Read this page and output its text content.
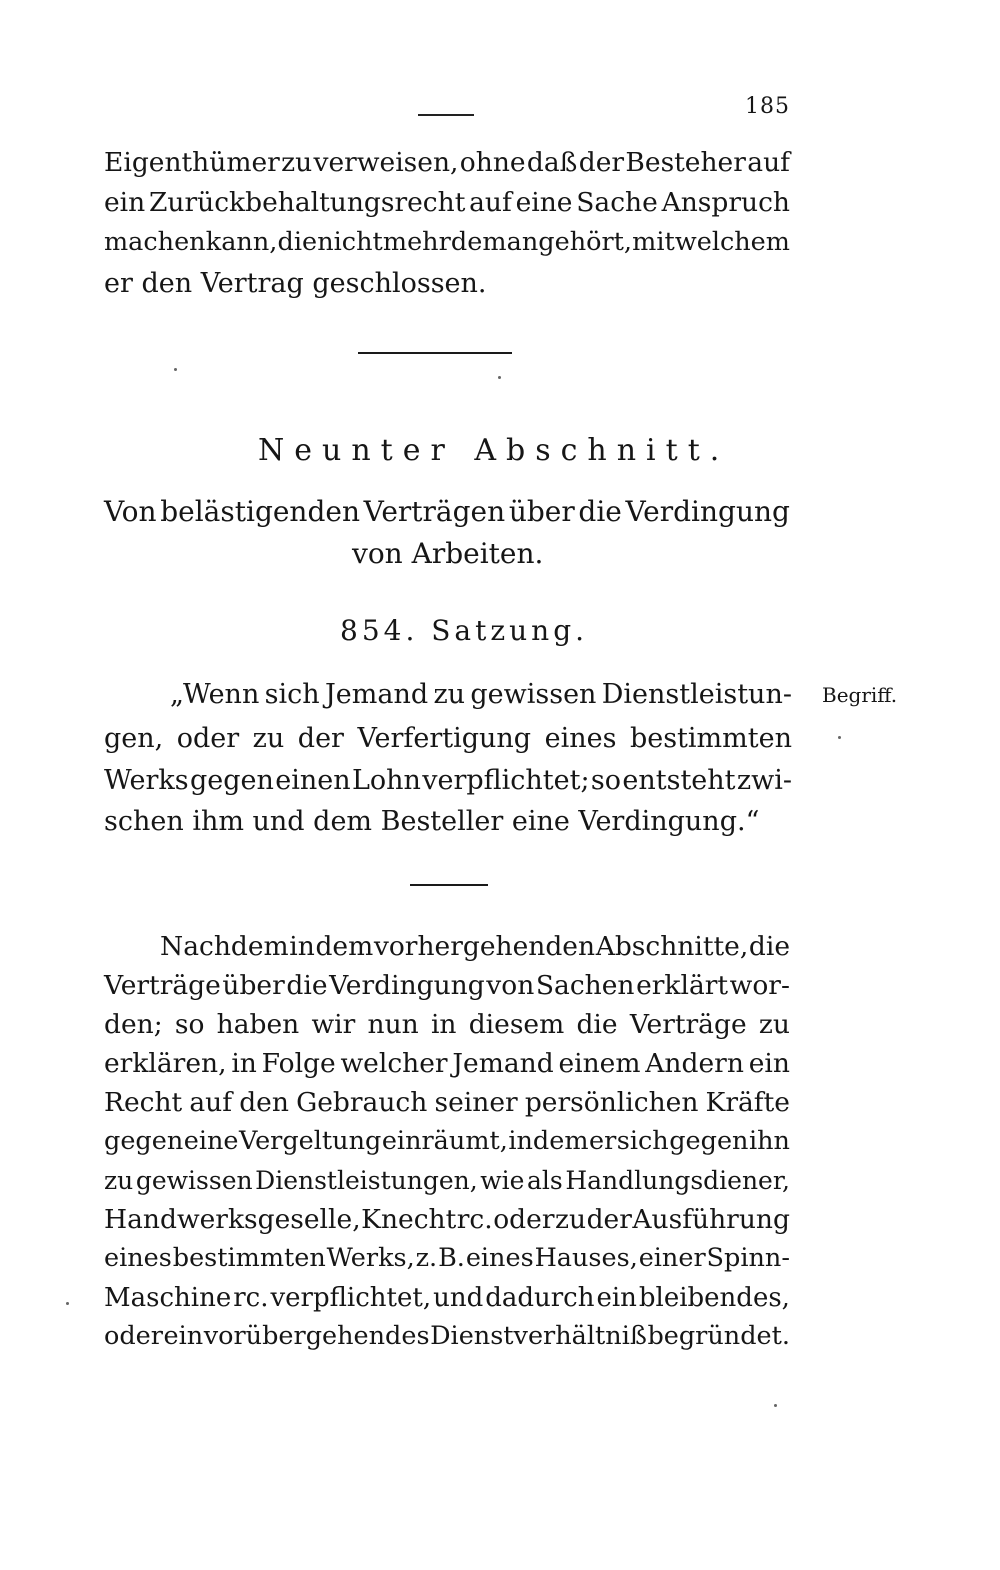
185
Eigenthümer zu verweisen, ohne daß der Besteher auf
ein Zurückbehaltungsrecht auf eine Sache Anspruch
machen kann, die nicht mehr dem angehört, mit welchem
er den Vertrag geschlossen.
Neunter Abschnitt.
Von belästigenden Verträgen über die Verdingung
von Arbeiten.
854. Satzung.
Begriff.
„Wenn sich Jemand zu gewissen Dienstleistun-
gen, oder zu der Verfertigung eines bestimmten
Werks gegen einen Lohn verpflichtet; so entsteht zwi-
schen ihm und dem Besteller eine Verdingung.“
Nachdem in dem vorhergehenden Abschnitte, die
Verträge über die Verdingung von Sachen erklärt wor-
den; so haben wir nun in diesem die Verträge zu
erklären, in Folge welcher Jemand einem Andern ein
Recht auf den Gebrauch seiner persönlichen Kräfte
gegen eine Vergeltung einräumt, indem er sich gegen ihn
zu gewissen Dienstleistungen, wie als Handlungsdiener,
Handwerksgeselle, Knecht rc. oder zu der Ausführung
eines bestimmten Werks, z. B. eines Hauses, einer Spinn-
Maschine rc. verpflichtet, und dadurch ein bleibendes,
oder ein vorübergehendes Dienstverhältniß begründet.
